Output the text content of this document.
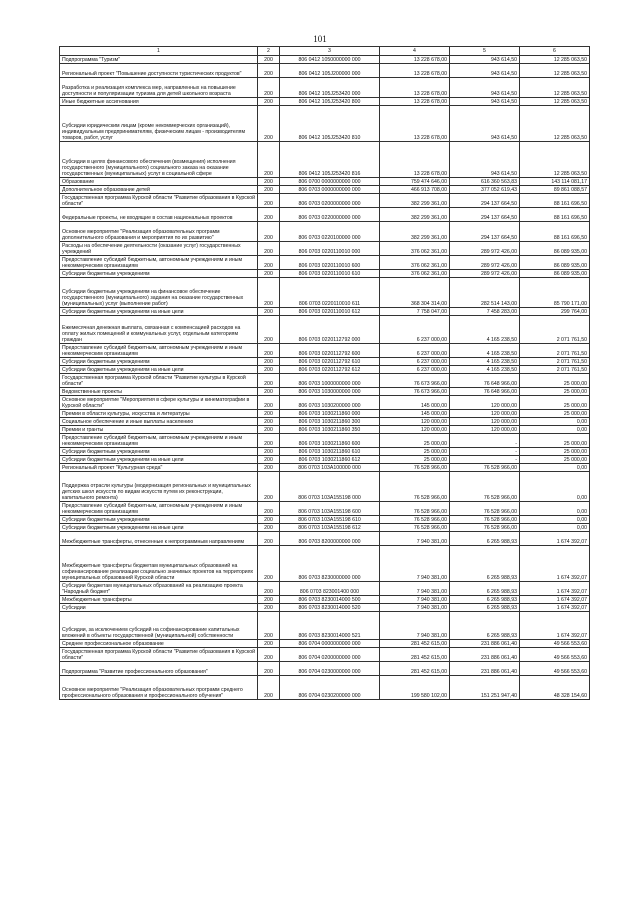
101
1	2	3	4	5	6
Подпрограмма "Туризм"	200	806 0412 1050000000 000	13 228 678,00	943 614,50	12 285 063,50
Региональный проект "Повышение доступности туристических продуктов"	200	806 0412 105J200000 000	13 228 678,00	943 614,50	12 285 063,50
Разработка и реализация комплекса мер, направленных на повышение доступности и популяризации туризма для детей школьного возраста	200	806 0412 105J253420 000	13 228 678,00	943 614,50	12 285 063,50
Иные бюджетные ассигнования	200	806 0412 105J253420 800	13 228 678,00	943 614,50	12 285 063,50
Субсидии юридическим лицам (кроме некоммерческих организаций), индивидуальным предпринимателям, физическим лицам - производителям товаров, работ, услуг	200	806 0412 105J253420 810	13 228 678,00	943 614,50	12 285 063,50
Субсидии в целях финансового обеспечения (возмещения) исполнения государственного (муниципального) социального заказа на оказание государственных (муниципальных) услуг в социальной сфере	200	806 0412 105J253420 816	13 228 678,00	943 614,50	12 285 063,50
Образование	200	806 0700 0000000000 000	759 474 646,00	616 360 563,83	143 114 081,17
Дополнительное образование детей	200	806 0703 0000000000 000	466 913 708,00	377 052 619,43	89 861 088,57
Государственная программа Курской области "Развитие образования в Курской области"	200	806 0703 0200000000 000	382 299 361,00	294 137 664,50	88 161 696,50
Федеральные проекты, не входящие в состав национальных проектов	200	806 0703 0220000000 000	382 299 361,00	294 137 664,50	88 161 696,50
Основное мероприятие "Реализация образовательных программ дополнительного образования и мероприятия по их развитию"	200	806 0703 0220100000 000	382 299 361,00	294 137 664,50	88 161 696,50
Расходы на обеспечение деятельности (оказание услуг) государственных учреждений	200	806 0703 0220110010 000	376 062 361,00	289 972 426,00	86 089 935,00
Предоставление субсидий бюджетным, автономным учреждениям и иным некоммерческим организациям	200	806 0703 0220110010 600	376 062 361,00	289 972 426,00	86 089 935,00
Субсидии бюджетным учреждениям	200	806 0703 0220110010 610	376 062 361,00	289 972 426,00	86 089 935,00
Субсидии бюджетным учреждениям на финансовое обеспечение государственного (муниципального) задания на оказание государственных (муниципальных) услуг (выполнение работ)	200	806 0703 0220110010 611	368 304 314,00	282 514 143,00	85 790 171,00
Субсидии бюджетным учреждениям на иные цели	200	806 0703 0220110010 612	7 758 047,00	7 458 283,00	299 764,00
Ежемесячная денежная выплата, связанная с компенсацией расходов на оплату жилых помещений и коммунальных услуг, отдельным категориям граждан	200	806 0703 0220112792 000	6 237 000,00	4 165 238,50	2 071 761,50
Предоставление субсидий бюджетным, автономным учреждениям и иным некоммерческим организациям	200	806 0703 0220112792 600	6 237 000,00	4 165 238,50	2 071 761,50
Субсидии бюджетным учреждениям	200	806 0703 0220112792 610	6 237 000,00	4 165 238,50	2 071 761,50
Субсидии бюджетным учреждениям на иные цели	200	806 0703 0220112792 612	6 237 000,00	4 165 238,50	2 071 761,50
Государственная программа Курской области "Развитие культуры в Курской области"	200	806 0703 1000000000 000	76 673 966,00	76 648 966,00	25 000,00
Ведомственные проекты	200	806 0703 1030000000 000	76 673 966,00	76 648 966,00	25 000,00
Основное мероприятие "Мероприятия в сфере культуры и кинематографии в Курской области"	200	806 0703 1030200000 000	145 000,00	120 000,00	25 000,00
Премии в области культуры, искусства и литературы	200	806 0703 1030211860 000	145 000,00	120 000,00	25 000,00
Социальное обеспечение и иные выплаты населению	200	806 0703 1030211860 300	120 000,00	120 000,00	0,00
Премии и гранты	200	806 0703 1030211860 350	120 000,00	120 000,00	0,00
Предоставление субсидий бюджетным, автономным учреждениям и иным некоммерческим организациям	200	806 0703 1030211860 600	25 000,00	-	25 000,00
Субсидии бюджетным учреждениям	200	806 0703 1030211860 610	25 000,00	-	25 000,00
Субсидии бюджетным учреждениям на иные цели	200	806 0703 1030211860 612	25 000,00	-	25 000,00
Региональный проект "Культурная среда"	200	806 0703 103A100000 000	76 528 966,00	76 528 966,00	0,00
Поддержка отрасли культуры (модернизация региональных и муниципальных детских школ искусств по видам искусств путем их реконструкции, капитального ремонта)	200	806 0703 103A155198 000	76 528 966,00	76 528 966,00	0,00
Предоставление субсидий бюджетным, автономным учреждениям и иным некоммерческим организациям	200	806 0703 103A155198 600	76 528 966,00	76 528 966,00	0,00
Субсидии бюджетным учреждениям	200	806 0703 103A155198 610	76 528 966,00	76 528 966,00	0,00
Субсидии бюджетным учреждениям на иные цели	200	806 0703 103A155198 612	76 528 966,00	76 528 966,00	0,00
Межбюджетные трансферты, отнесенные к непрограммным направлениям	200	806 0703 8200000000 000	7 940 381,00	6 265 988,93	1 674 392,07
Межбюджетные трансферты бюджетам муниципальных образований на софинансирование реализации социально значимых проектов на территориях муниципальных образований Курской области	200	806 0703 8230000000 000	7 940 381,00	6 265 988,93	1 674 392,07
Субсидии бюджетам муниципальных образований на реализацию проекта "Народный бюджет"	200	806 0703 823001400 000	7 940 381,00	6 265 988,93	1 674 392,07
Межбюджетные трансферты	200	806 0703 8230014000 500	7 940 381,00	6 265 988,93	1 674 392,07
Субсидии	200	806 0703 8230014000 520	7 940 381,00	6 265 988,93	1 674 392,07
Субсидии, за исключением субсидий на софинансирование капитальных вложений в объекты государственной (муниципальной) собственности	200	806 0703 8230014000 521	7 940 381,00	6 265 988,93	1 674 392,07
Среднее профессиональное образование	200	806 0704 0000000000 000	281 452 615,00	231 886 061,40	49 566 553,60
Государственная программа Курской области "Развитие образования в Курской области"	200	806 0704 0200000000 000	281 452 615,00	231 886 061,40	49 566 553,60
Подпрограмма "Развитие профессионального образования"	200	806 0704 0230000000 000	281 452 615,00	231 886 061,40	49 566 553,60
Основное мероприятие "Реализация образовательных программ среднего профессионального образования и профессионального обучения"	200	806 0704 0230200000 000	199 580 102,00	151 251 947,40	48 328 154,60
